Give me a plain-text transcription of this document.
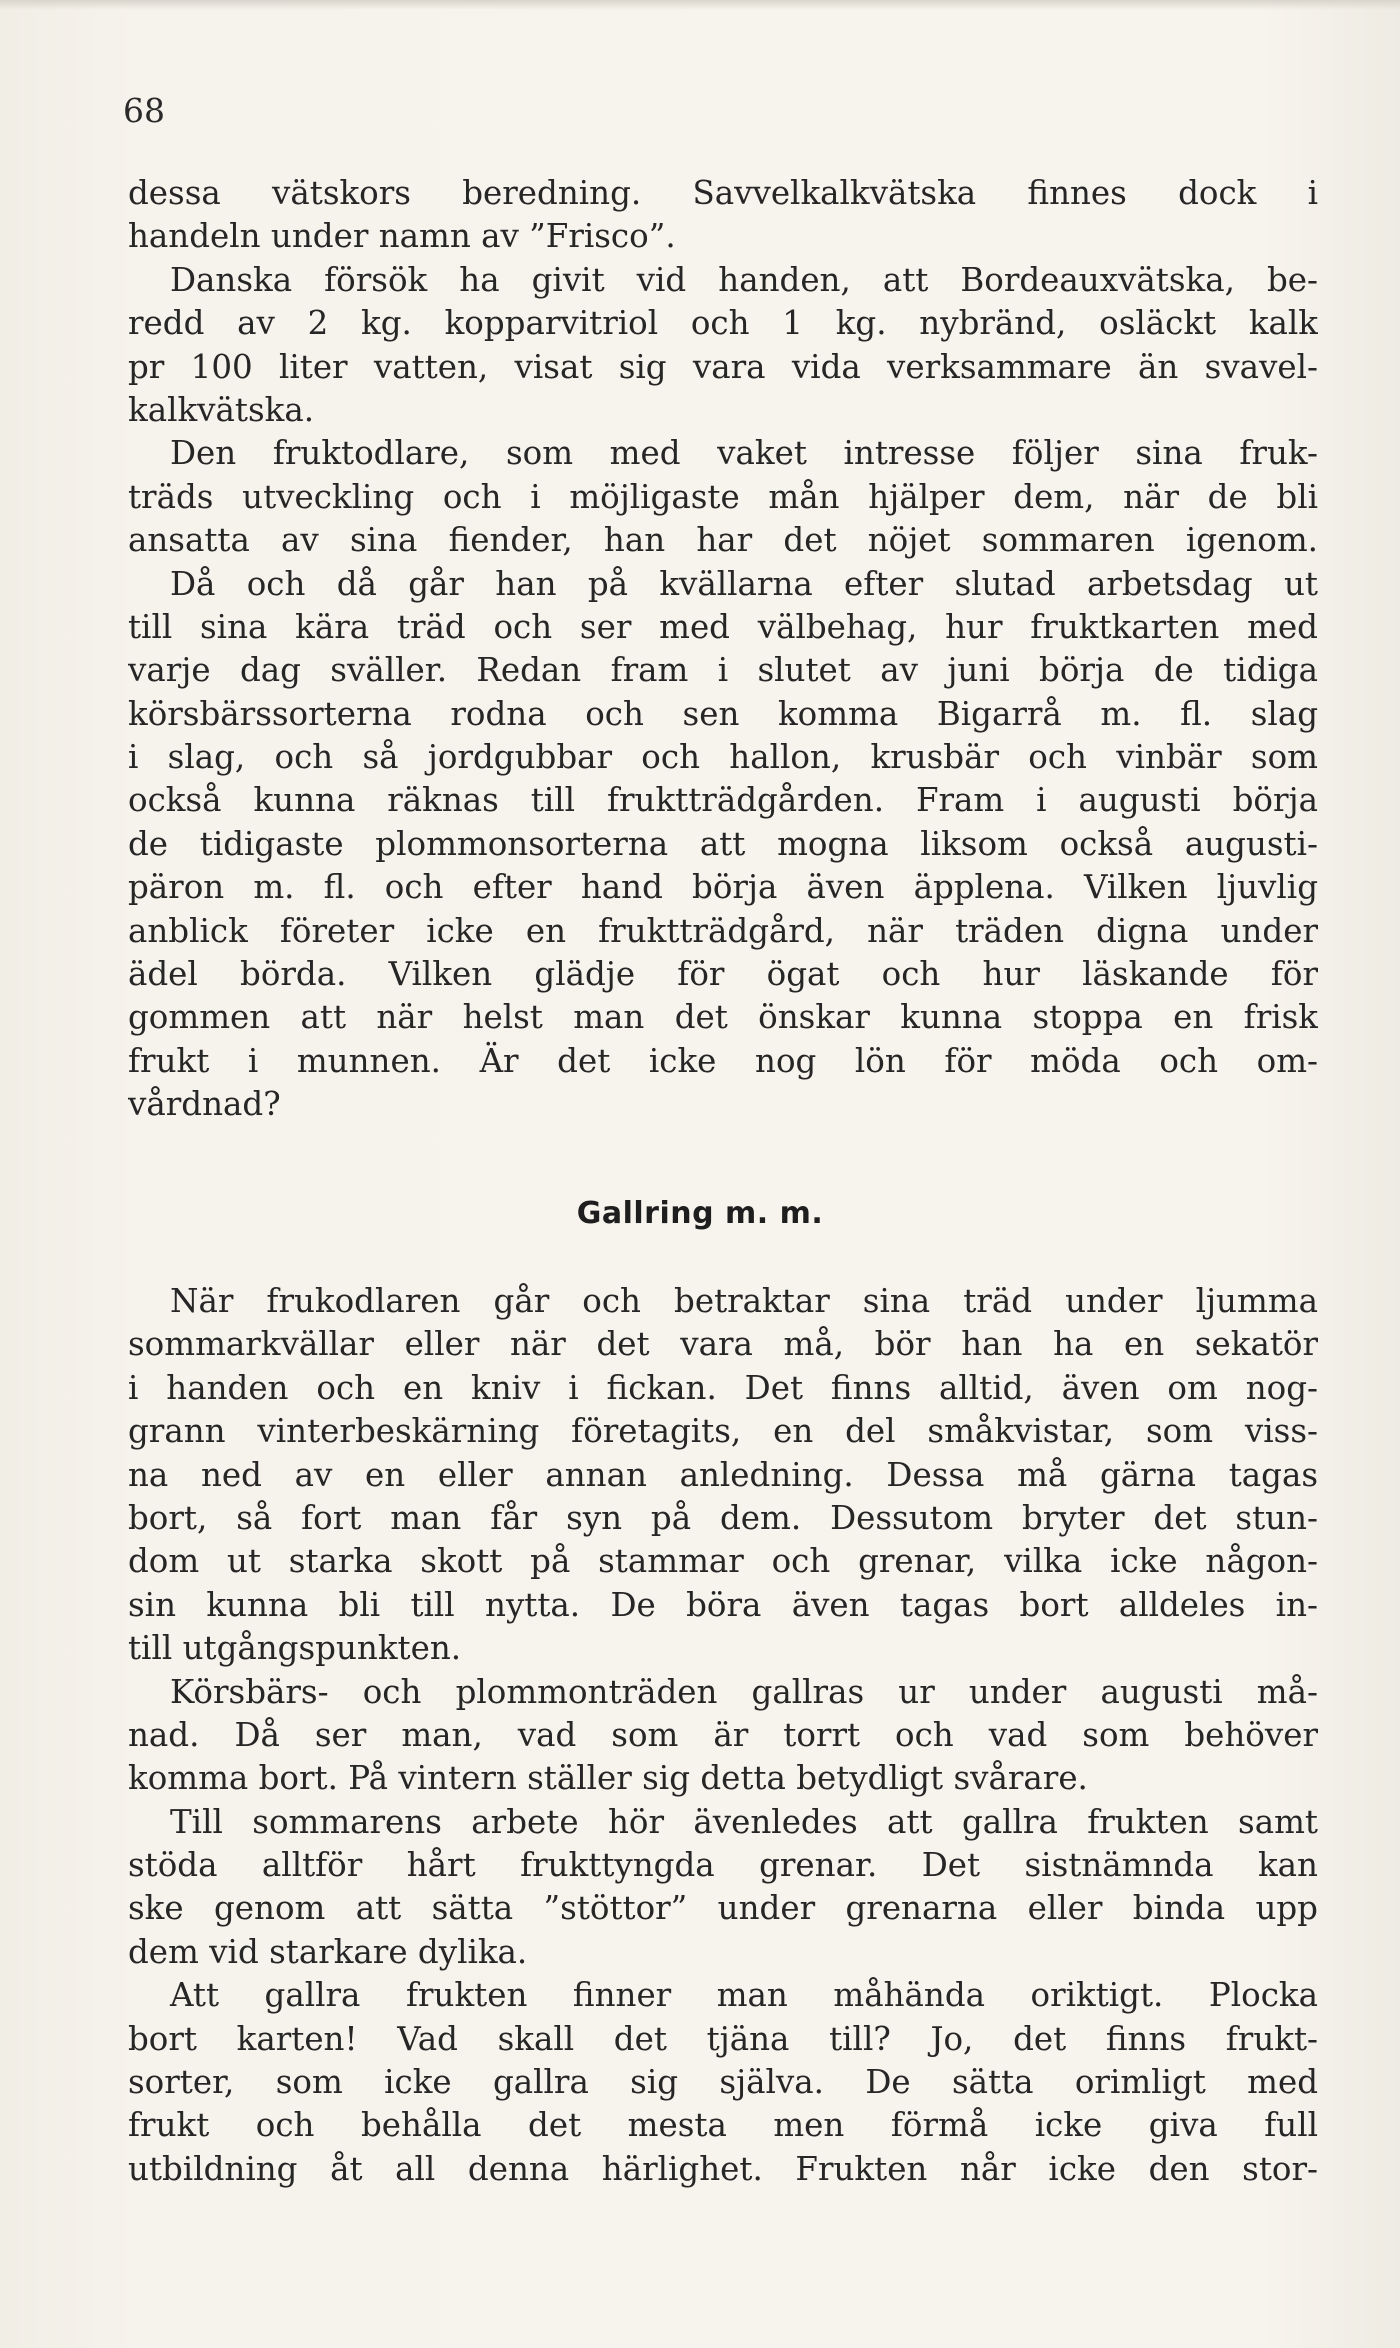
68
dessa vätskors beredning. Savvelkalkvätska finnes dock i
handeln under namn av ”Frisco”.
Danska försök ha givit vid handen, att Bordeauxvätska, be-
redd av 2 kg. kopparvitriol och 1 kg. nybränd, osläckt kalk
pr 100 liter vatten, visat sig vara vida verksammare än svavel-
kalkvätska.
Den fruktodlare, som med vaket intresse följer sina fruk-
träds utveckling och i möjligaste mån hjälper dem, när de bli
ansatta av sina fiender, han har det nöjet sommaren igenom.
Då och då går han på kvällarna efter slutad arbetsdag ut
till sina kära träd och ser med välbehag, hur fruktkarten med
varje dag sväller. Redan fram i slutet av juni börja de tidiga
körsbärssorterna rodna och sen komma Bigarrå m. fl. slag
i slag, och så jordgubbar och hallon, krusbär och vinbär som
också kunna räknas till fruktträdgården. Fram i augusti börja
de tidigaste plommonsorterna att mogna liksom också augusti-
päron m. fl. och efter hand börja även äpplena. Vilken ljuvlig
anblick företer icke en fruktträdgård, när träden digna under
ädel börda. Vilken glädje för ögat och hur läskande för
gommen att när helst man det önskar kunna stoppa en frisk
frukt i munnen. Är det icke nog lön för möda och om-
vårdnad?
Gallring m. m.
När frukodlaren går och betraktar sina träd under ljumma
sommarkvällar eller när det vara må, bör han ha en sekatör
i handen och en kniv i fickan. Det finns alltid, även om nog-
grann vinterbeskärning företagits, en del småkvistar, som viss-
na ned av en eller annan anledning. Dessa må gärna tagas
bort, så fort man får syn på dem. Dessutom bryter det stun-
dom ut starka skott på stammar och grenar, vilka icke någon-
sin kunna bli till nytta. De böra även tagas bort alldeles in-
till utgångspunkten.
Körsbärs- och plommonträden gallras ur under augusti må-
nad. Då ser man, vad som är torrt och vad som behöver
komma bort. På vintern ställer sig detta betydligt svårare.
Till sommarens arbete hör ävenledes att gallra frukten samt
stöda alltför hårt frukttyngda grenar. Det sistnämnda kan
ske genom att sätta ”stöttor” under grenarna eller binda upp
dem vid starkare dylika.
Att gallra frukten finner man måhända oriktigt. Plocka
bort karten! Vad skall det tjäna till? Jo, det finns frukt-
sorter, som icke gallra sig själva. De sätta orimligt med
frukt och behålla det mesta men förmå icke giva full
utbildning åt all denna härlighet. Frukten når icke den stor-
